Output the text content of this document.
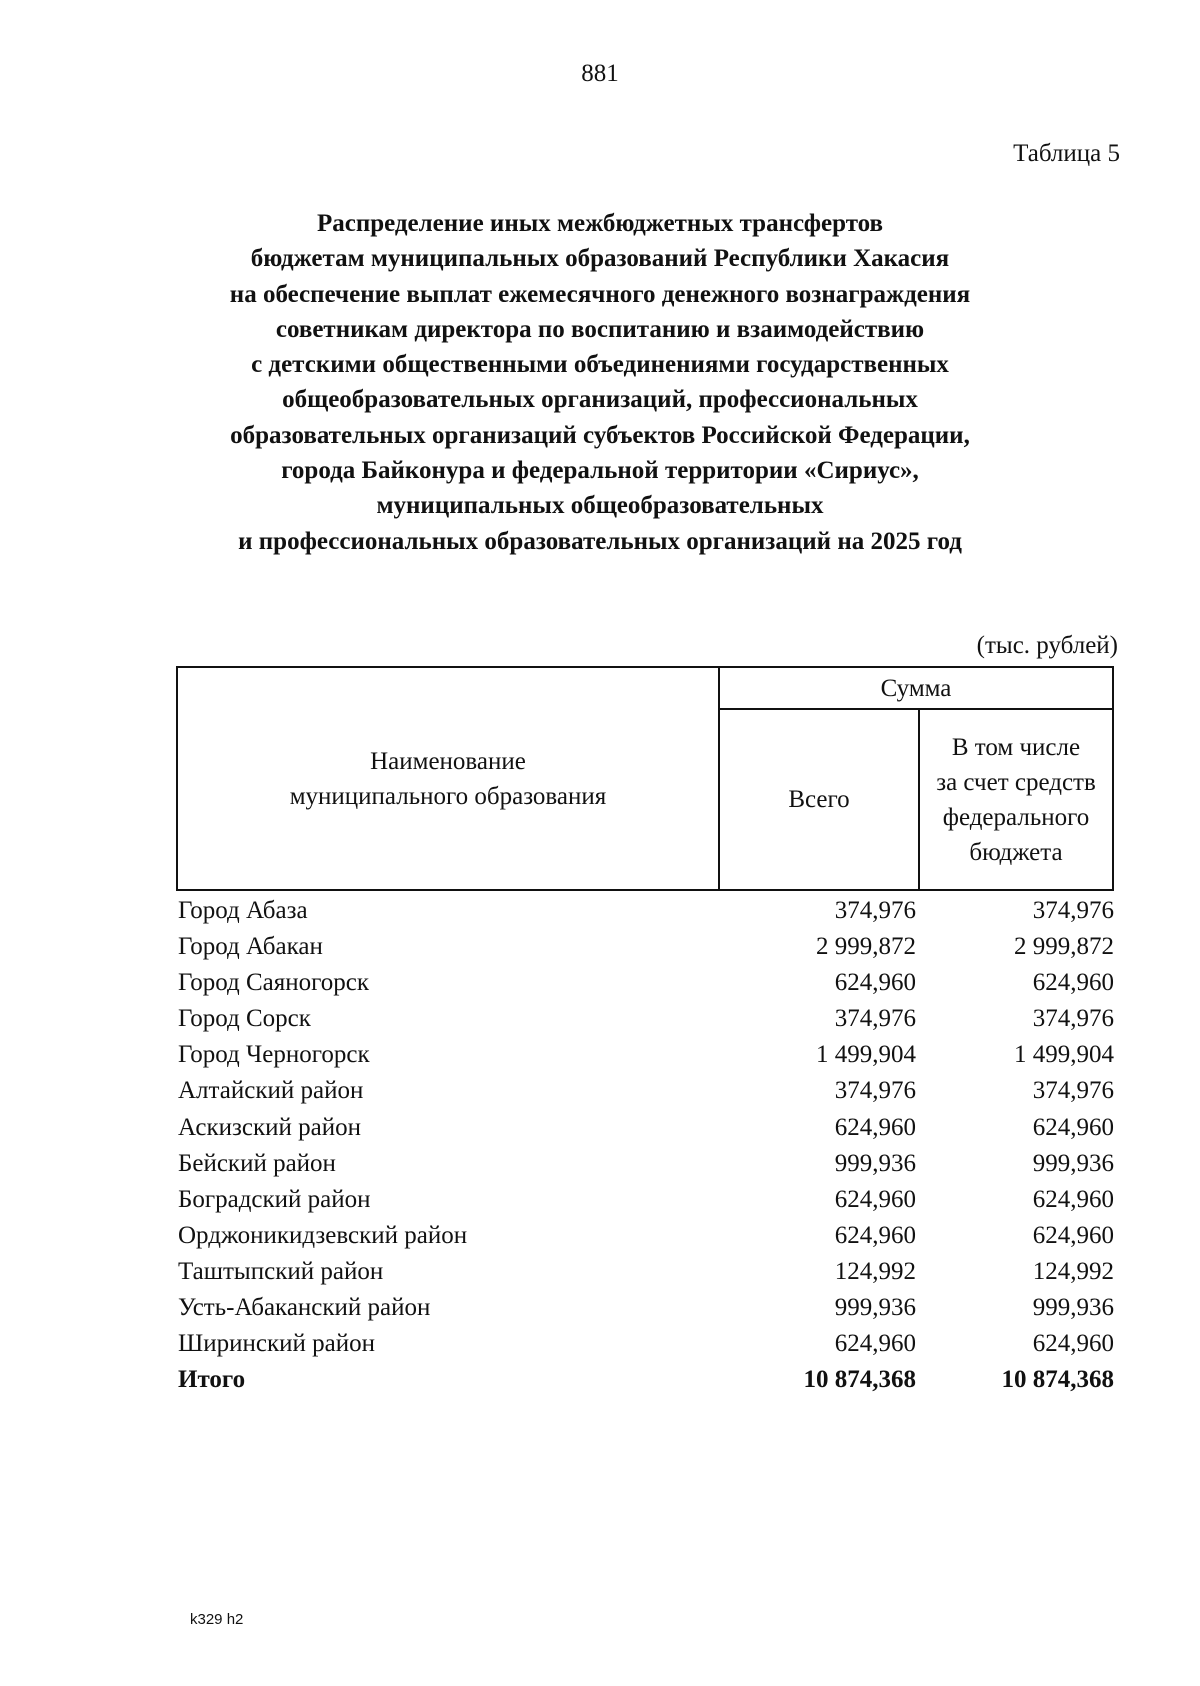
881
Таблица 5
Распределение иных межбюджетных трансфертов
бюджетам муниципальных образований Республики Хакасия
на обеспечение выплат ежемесячного денежного вознаграждения
советникам директора по воспитанию и взаимодействию
с детскими общественными объединениями государственных
общеобразовательных организаций, профессиональных
образовательных организаций субъектов Российской Федерации,
города Байконура и федеральной территории «Сириус»,
муниципальных общеобразовательных
и профессиональных образовательных организаций на 2025 год
(тыс. рублей)
Наименование
муниципального образования
Сумма
Всего
В том числе
за счет средств
федерального
бюджета
Город Абаза	374,976	374,976
Город Абакан	2 999,872	2 999,872
Город Саяногорск	624,960	624,960
Город Сорск	374,976	374,976
Город Черногорск	1 499,904	1 499,904
Алтайский район	374,976	374,976
Аскизский район	624,960	624,960
Бейский район	999,936	999,936
Боградский район	624,960	624,960
Орджоникидзевский район	624,960	624,960
Таштыпский район	124,992	124,992
Усть-Абаканский район	999,936	999,936
Ширинский район	624,960	624,960
Итого	10 874,368	10 874,368
k329 h2
